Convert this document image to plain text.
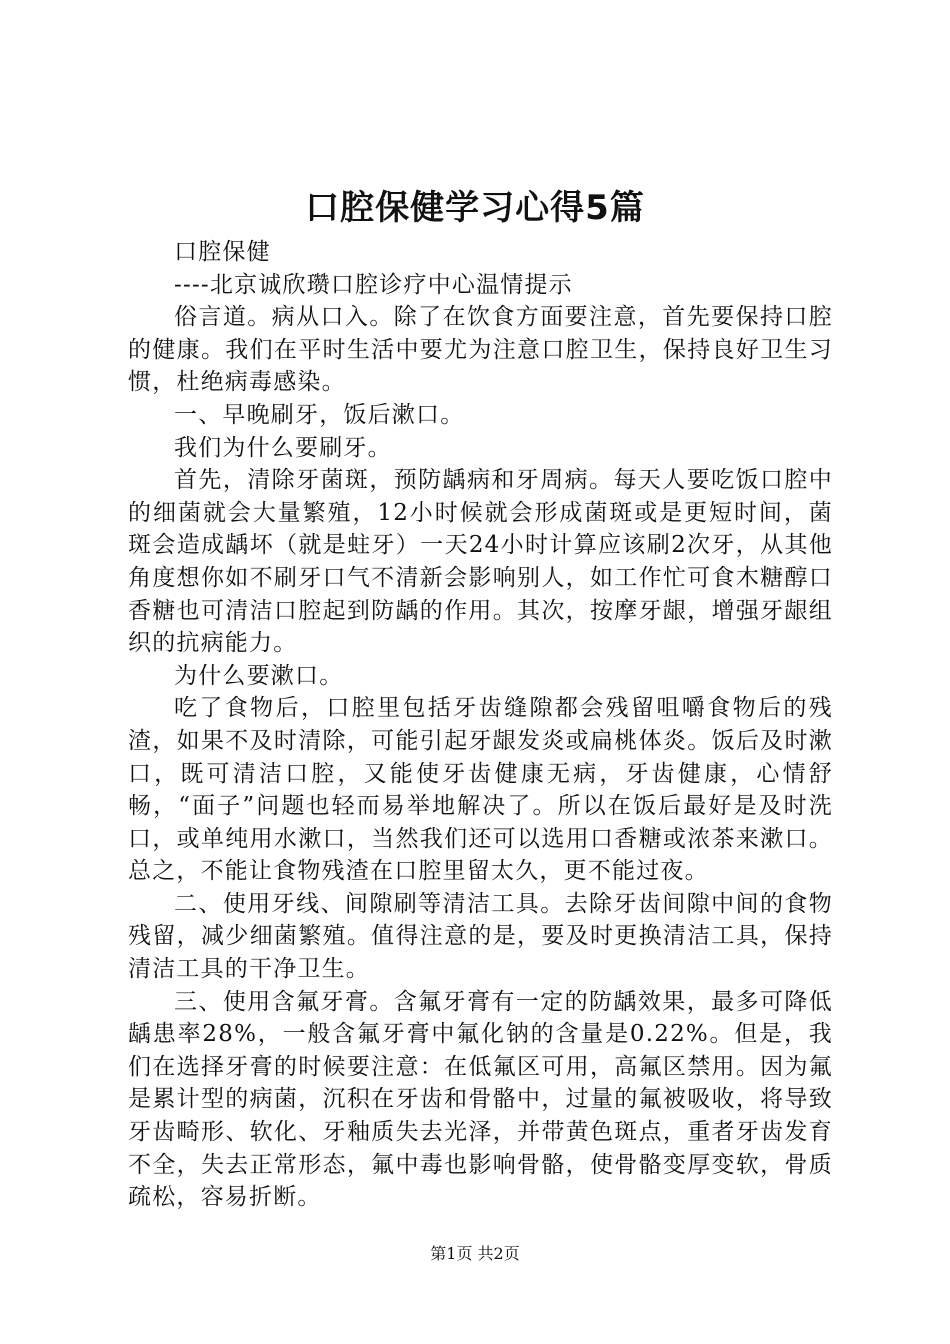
口腔保健学习心得5篇

口腔保健

----北京诚欣瓒口腔诊疗中心温情提示

俗言道。病从口入。除了在饮食方面要注意，首先要保持口腔的健康。我们在平时生活中要尤为注意口腔卫生，保持良好卫生习惯，杜绝病毒感染。

一、早晚刷牙，饭后漱口。

我们为什么要刷牙。

首先，清除牙菌斑，预防龋病和牙周病。每天人要吃饭口腔中的细菌就会大量繁殖，12小时候就会形成菌斑或是更短时间，菌斑会造成龋坏（就是蛀牙）一天24小时计算应该刷2次牙，从其他角度想你如不刷牙口气不清新会影响别人，如工作忙可食木糖醇口香糖也可清洁口腔起到防龋的作用。其次，按摩牙龈，增强牙龈组织的抗病能力。

为什么要漱口。

吃了食物后，口腔里包括牙齿缝隙都会残留咀嚼食物后的残渣，如果不及时清除，可能引起牙龈发炎或扁桃体炎。饭后及时漱口，既可清洁口腔，又能使牙齿健康无病，牙齿健康，心情舒畅，“面子”问题也轻而易举地解决了。所以在饭后最好是及时洗口，或单纯用水漱口，当然我们还可以选用口香糖或浓茶来漱口。总之，不能让食物残渣在口腔里留太久，更不能过夜。

二、使用牙线、间隙刷等清洁工具。去除牙齿间隙中间的食物残留，减少细菌繁殖。值得注意的是，要及时更换清洁工具，保持清洁工具的干净卫生。

三、使用含氟牙膏。含氟牙膏有一定的防龋效果，最多可降低龋患率28%，一般含氟牙膏中氟化钠的含量是0.22%。但是，我们在选择牙膏的时候要注意：在低氟区可用，高氟区禁用。因为氟是累计型的病菌，沉积在牙齿和骨骼中，过量的氟被吸收，将导致牙齿畸形、软化、牙釉质失去光泽，并带黄色斑点，重者牙齿发育不全，失去正常形态，氟中毒也影响骨骼，使骨骼变厚变软，骨质疏松，容易折断。

第1页 共2页
